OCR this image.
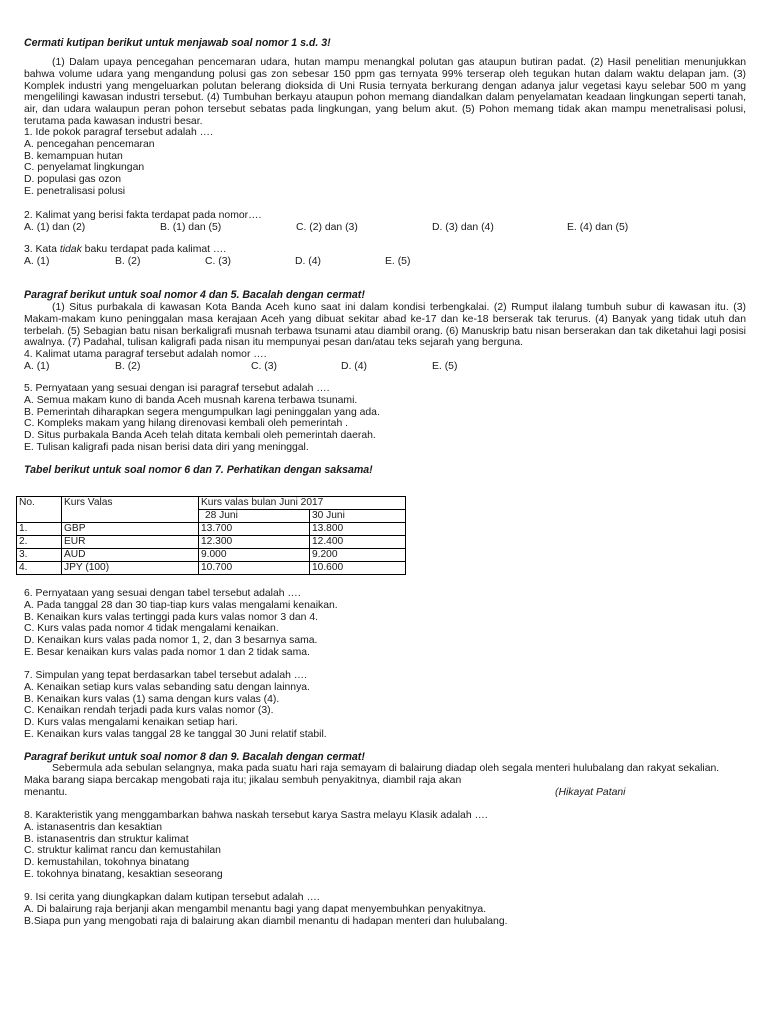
Cermati kutipan berikut untuk menjawab soal nomor 1 s.d. 3!

(1) Dalam upaya pencegahan pencemaran udara, hutan mampu menangkal polutan gas ataupun butiran padat. (2) Hasil penelitian menunjukkan bahwa volume udara yang mengandung polusi gas zon sebesar 150 ppm gas ternyata 99% terserap oleh tegukan hutan dalam waktu delapan jam. (3) Komplek industri yang mengeluarkan polutan belerang dioksida di Uni Rusia ternyata berkurang dengan adanya jalur vegetasi kayu selebar 500 m yang mengelilingi kawasan industri tersebut. (4) Tumbuhan berkayu ataupun pohon memang diandalkan dalam penyelamatan keadaan lingkungan seperti tanah, air, dan udara walaupun peran pohon tersebut sebatas pada lingkungan, yang belum akut. (5) Pohon memang tidak akan mampu menetralisasi polusi, terutama pada kawasan industri besar.

1. Ide pokok paragraf tersebut adalah ….

A. pencegahan pencemaran

B. kemampuan hutan

C. penyelamat lingkungan

D. populasi gas ozon

E. penetralisasi polusi

2. Kalimat yang berisi fakta terdapat pada nomor….

A. (1) dan (2)	B. (1) dan (5)	C. (2) dan (3)	D. (3) dan (4)	E. (4) dan (5)

3. Kata tidak baku terdapat pada kalimat ….

A. (1)	B. (2)	C. (3)	D. (4)	E. (5)

Paragraf berikut untuk soal nomor 4 dan 5. Bacalah dengan cermat!

(1) Situs purbakala di kawasan Kota Banda Aceh kuno saat ini dalam kondisi terbengkalai. (2) Rumput ilalang tumbuh subur di kawasan itu. (3) Makam-makam kuno peninggalan masa kerajaan Aceh yang dibuat sekitar abad ke-17 dan ke-18 berserak tak terurus. (4) Banyak yang tidak utuh dan terbelah. (5) Sebagian batu nisan berkaligrafi musnah terbawa tsunami atau diambil orang. (6) Manuskrip batu nisan berserakan dan tak diketahui lagi posisi awalnya. (7) Padahal, tulisan kaligrafi pada nisan itu mempunyai pesan dan/atau teks sejarah yang berguna.

4. Kalimat utama paragraf tersebut adalah nomor ….

A. (1)	B. (2)	C. (3)	D. (4)	E. (5)

5. Pernyataan yang sesuai dengan isi paragraf tersebut adalah ….

A. Semua makam kuno di banda Aceh musnah karena terbawa tsunami.

B. Pemerintah diharapkan segera mengumpulkan lagi peninggalan yang ada.

C. Kompleks makam yang hilang direnovasi kembali oleh pemerintah .

D. Situs purbakala Banda Aceh telah ditata kembali oleh pemerintah daerah.

E. Tulisan kaligrafi pada nisan berisi data diri yang meninggal.

Tabel berikut untuk soal nomor 6 dan 7. Perhatikan dengan saksama!

No.	Kurs Valas	Kurs valas bulan Juni 2017	
		28 Juni	30 Juni
1.	GBP	13.700	13.800
2.	EUR	12.300	12.400
3.	AUD	9.000	9.200
4.	JPY (100)	10.700	10.600

6. Pernyataan yang sesuai dengan tabel tersebut adalah ….

A. Pada tanggal 28 dan 30 tiap-tiap kurs valas mengalami kenaikan.

B. Kenaikan kurs valas tertinggi pada kurs valas nomor 3 dan 4.

C. Kurs valas pada nomor 4 tidak mengalami kenaikan.

D. Kenaikan kurs valas pada nomor 1, 2, dan 3 besarnya sama.

E. Besar kenaikan kurs valas pada nomor 1 dan 2 tidak sama.

7. Simpulan yang tepat berdasarkan tabel tersebut adalah ….

A. Kenaikan setiap kurs valas sebanding satu dengan lainnya.

B. Kenaikan kurs valas (1) sama dengan kurs valas (4).

C. Kenaikan rendah terjadi pada kurs valas nomor (3).

D. Kurs valas mengalami kenaikan setiap hari.

E. Kenaikan kurs valas tanggal 28 ke tanggal 30 Juni relatif stabil.

Paragraf berikut untuk soal nomor 8 dan 9. Bacalah dengan cermat!

Sebermula ada sebulan selangnya, maka pada suatu hari raja semayam di balairung diadap oleh segala menteri hulubalang dan rakyat sekalian.

Maka barang siapa bercakap mengobati raja itu; jikalau sembuh penyakitnya, diambil raja akan

menantu.	(Hikayat Patani

8. Karakteristik yang menggambarkan bahwa naskah tersebut karya Sastra melayu Klasik adalah ….

A. istanasentris dan kesaktian

B. istanasentris dan struktur kalimat

C. struktur kalimat rancu dan kemustahilan

D. kemustahilan, tokohnya binatang

E. tokohnya binatang, kesaktian seseorang

9. Isi cerita yang diungkapkan dalam kutipan tersebut adalah ….

A. Di balairung raja berjanji akan mengambil menantu bagi yang dapat menyembuhkan penyakitnya.

B.Siapa pun yang mengobati raja di balairung akan diambil menantu di hadapan menteri dan hulubalang.
